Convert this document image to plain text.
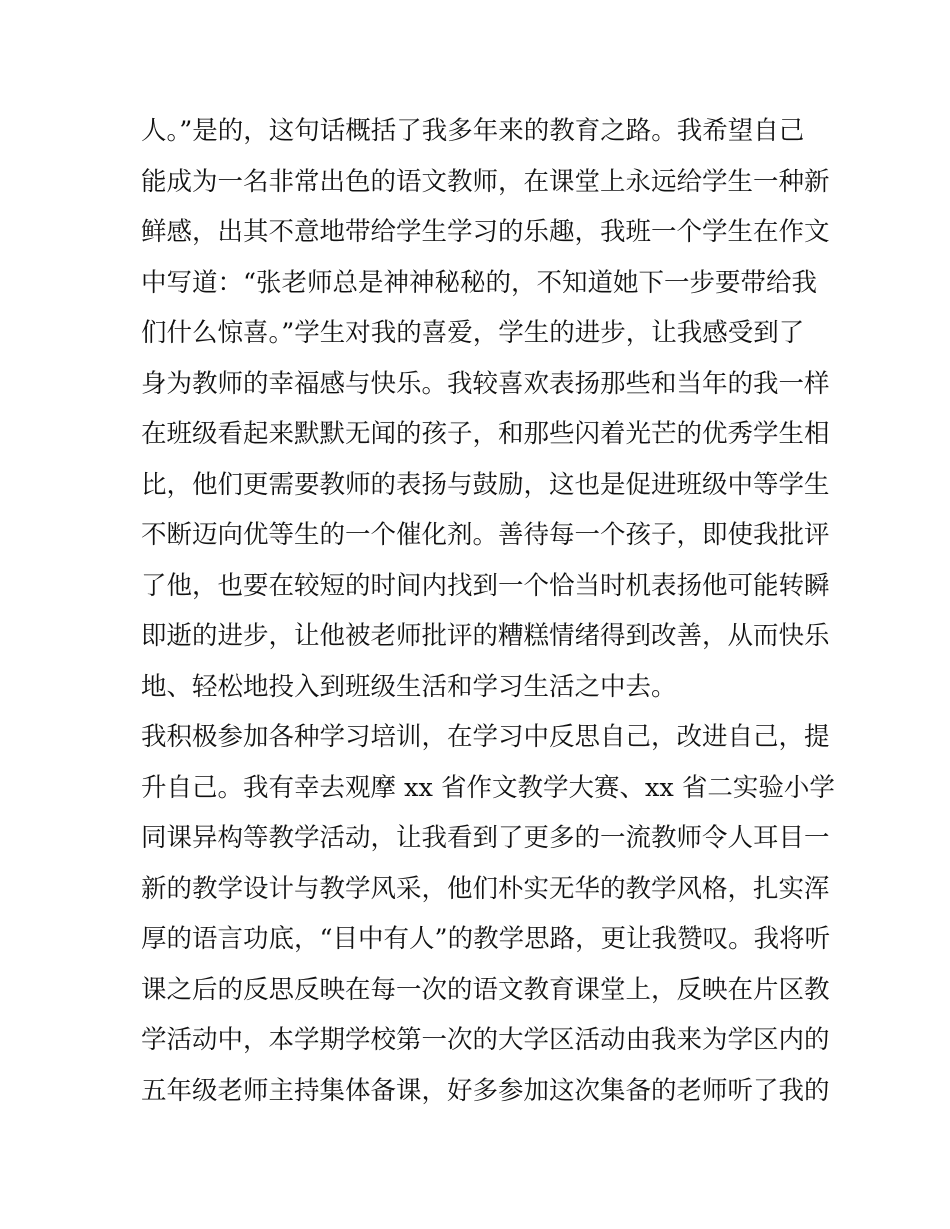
人。”是的，这句话概括了我多年来的教育之路。我希望自己
能成为一名非常出色的语文教师，在课堂上永远给学生一种新
鲜感，出其不意地带给学生学习的乐趣，我班一个学生在作文
中写道：“张老师总是神神秘秘的，不知道她下一步要带给我
们什么惊喜。”学生对我的喜爱，学生的进步，让我感受到了
身为教师的幸福感与快乐。我较喜欢表扬那些和当年的我一样
在班级看起来默默无闻的孩子，和那些闪着光芒的优秀学生相
比，他们更需要教师的表扬与鼓励，这也是促进班级中等学生
不断迈向优等生的一个催化剂。善待每一个孩子，即使我批评
了他，也要在较短的时间内找到一个恰当时机表扬他可能转瞬
即逝的进步，让他被老师批评的糟糕情绪得到改善，从而快乐
地、轻松地投入到班级生活和学习生活之中去。
我积极参加各种学习培训，在学习中反思自己，改进自己，提
升自己。我有幸去观摩 xx 省作文教学大赛、xx 省二实验小学
同课异构等教学活动，让我看到了更多的一流教师令人耳目一
新的教学设计与教学风采，他们朴实无华的教学风格，扎实浑
厚的语言功底，“目中有人”的教学思路，更让我赞叹。我将听
课之后的反思反映在每一次的语文教育课堂上，反映在片区教
学活动中，本学期学校第一次的大学区活动由我来为学区内的
五年级老师主持集体备课，好多参加这次集备的老师听了我的
